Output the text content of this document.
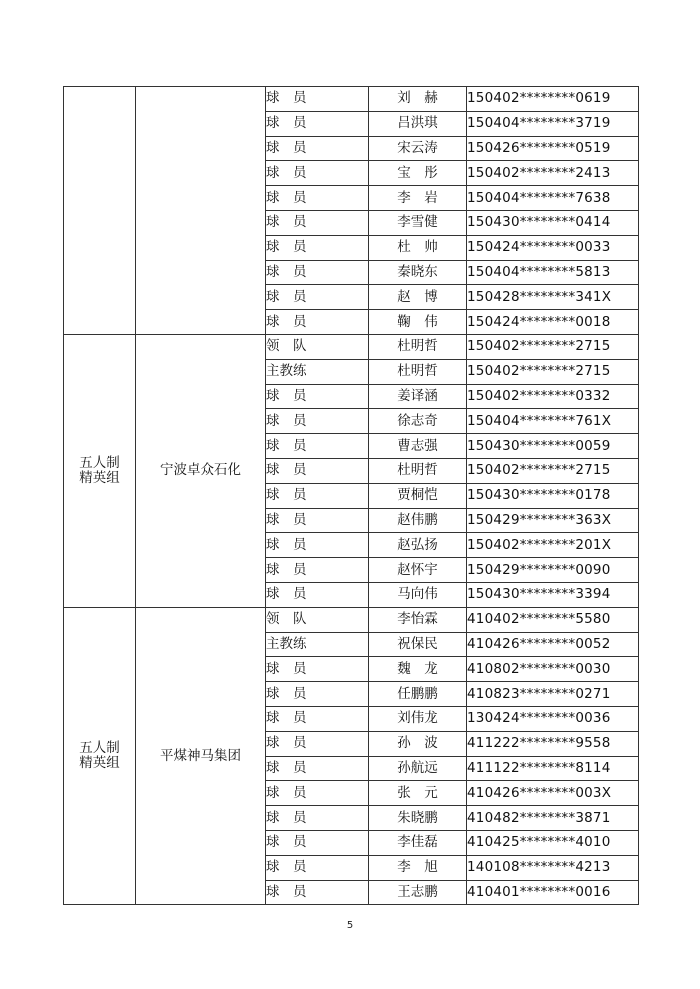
		球　员	刘　赫	150402********0619
		球　员	吕洪琪	150404********3719
		球　员	宋云涛	150426********0519
		球　员	宝　彤	150402********2413
		球　员	李　岩	150404********7638
		球　员	李雪健	150430********0414
		球　员	杜　帅	150424********0033
		球　员	秦晓东	150404********5813
		球　员	赵　博	150428********341X
		球　员	鞠　伟	150424********0018

五人制
精英组	宁波卓众石化	领　队	杜明哲	150402********2715
		主教练	杜明哲	150402********2715
		球　员	姜译涵	150402********0332
		球　员	徐志奇	150404********761X
		球　员	曹志强	150430********0059
		球　员	杜明哲	150402********2715
		球　员	贾桐恺	150430********0178
		球　员	赵伟鹏	150429********363X
		球　员	赵弘扬	150402********201X
		球　员	赵怀宇	150429********0090
		球　员	马向伟	150430********3394

五人制
精英组	平煤神马集团	领　队	李怡霖	410402********5580
		主教练	祝保民	410426********0052
		球　员	魏　龙	410802********0030
		球　员	任鹏鹏	410823********0271
		球　员	刘伟龙	130424********0036
		球　员	孙　波	411222********9558
		球　员	孙航远	411122********8114
		球　员	张　元	410426********003X
		球　员	朱晓鹏	410482********3871
		球　员	李佳磊	410425********4010
		球　员	李　旭	140108********4213
		球　员	王志鹏	410401********0016
5
